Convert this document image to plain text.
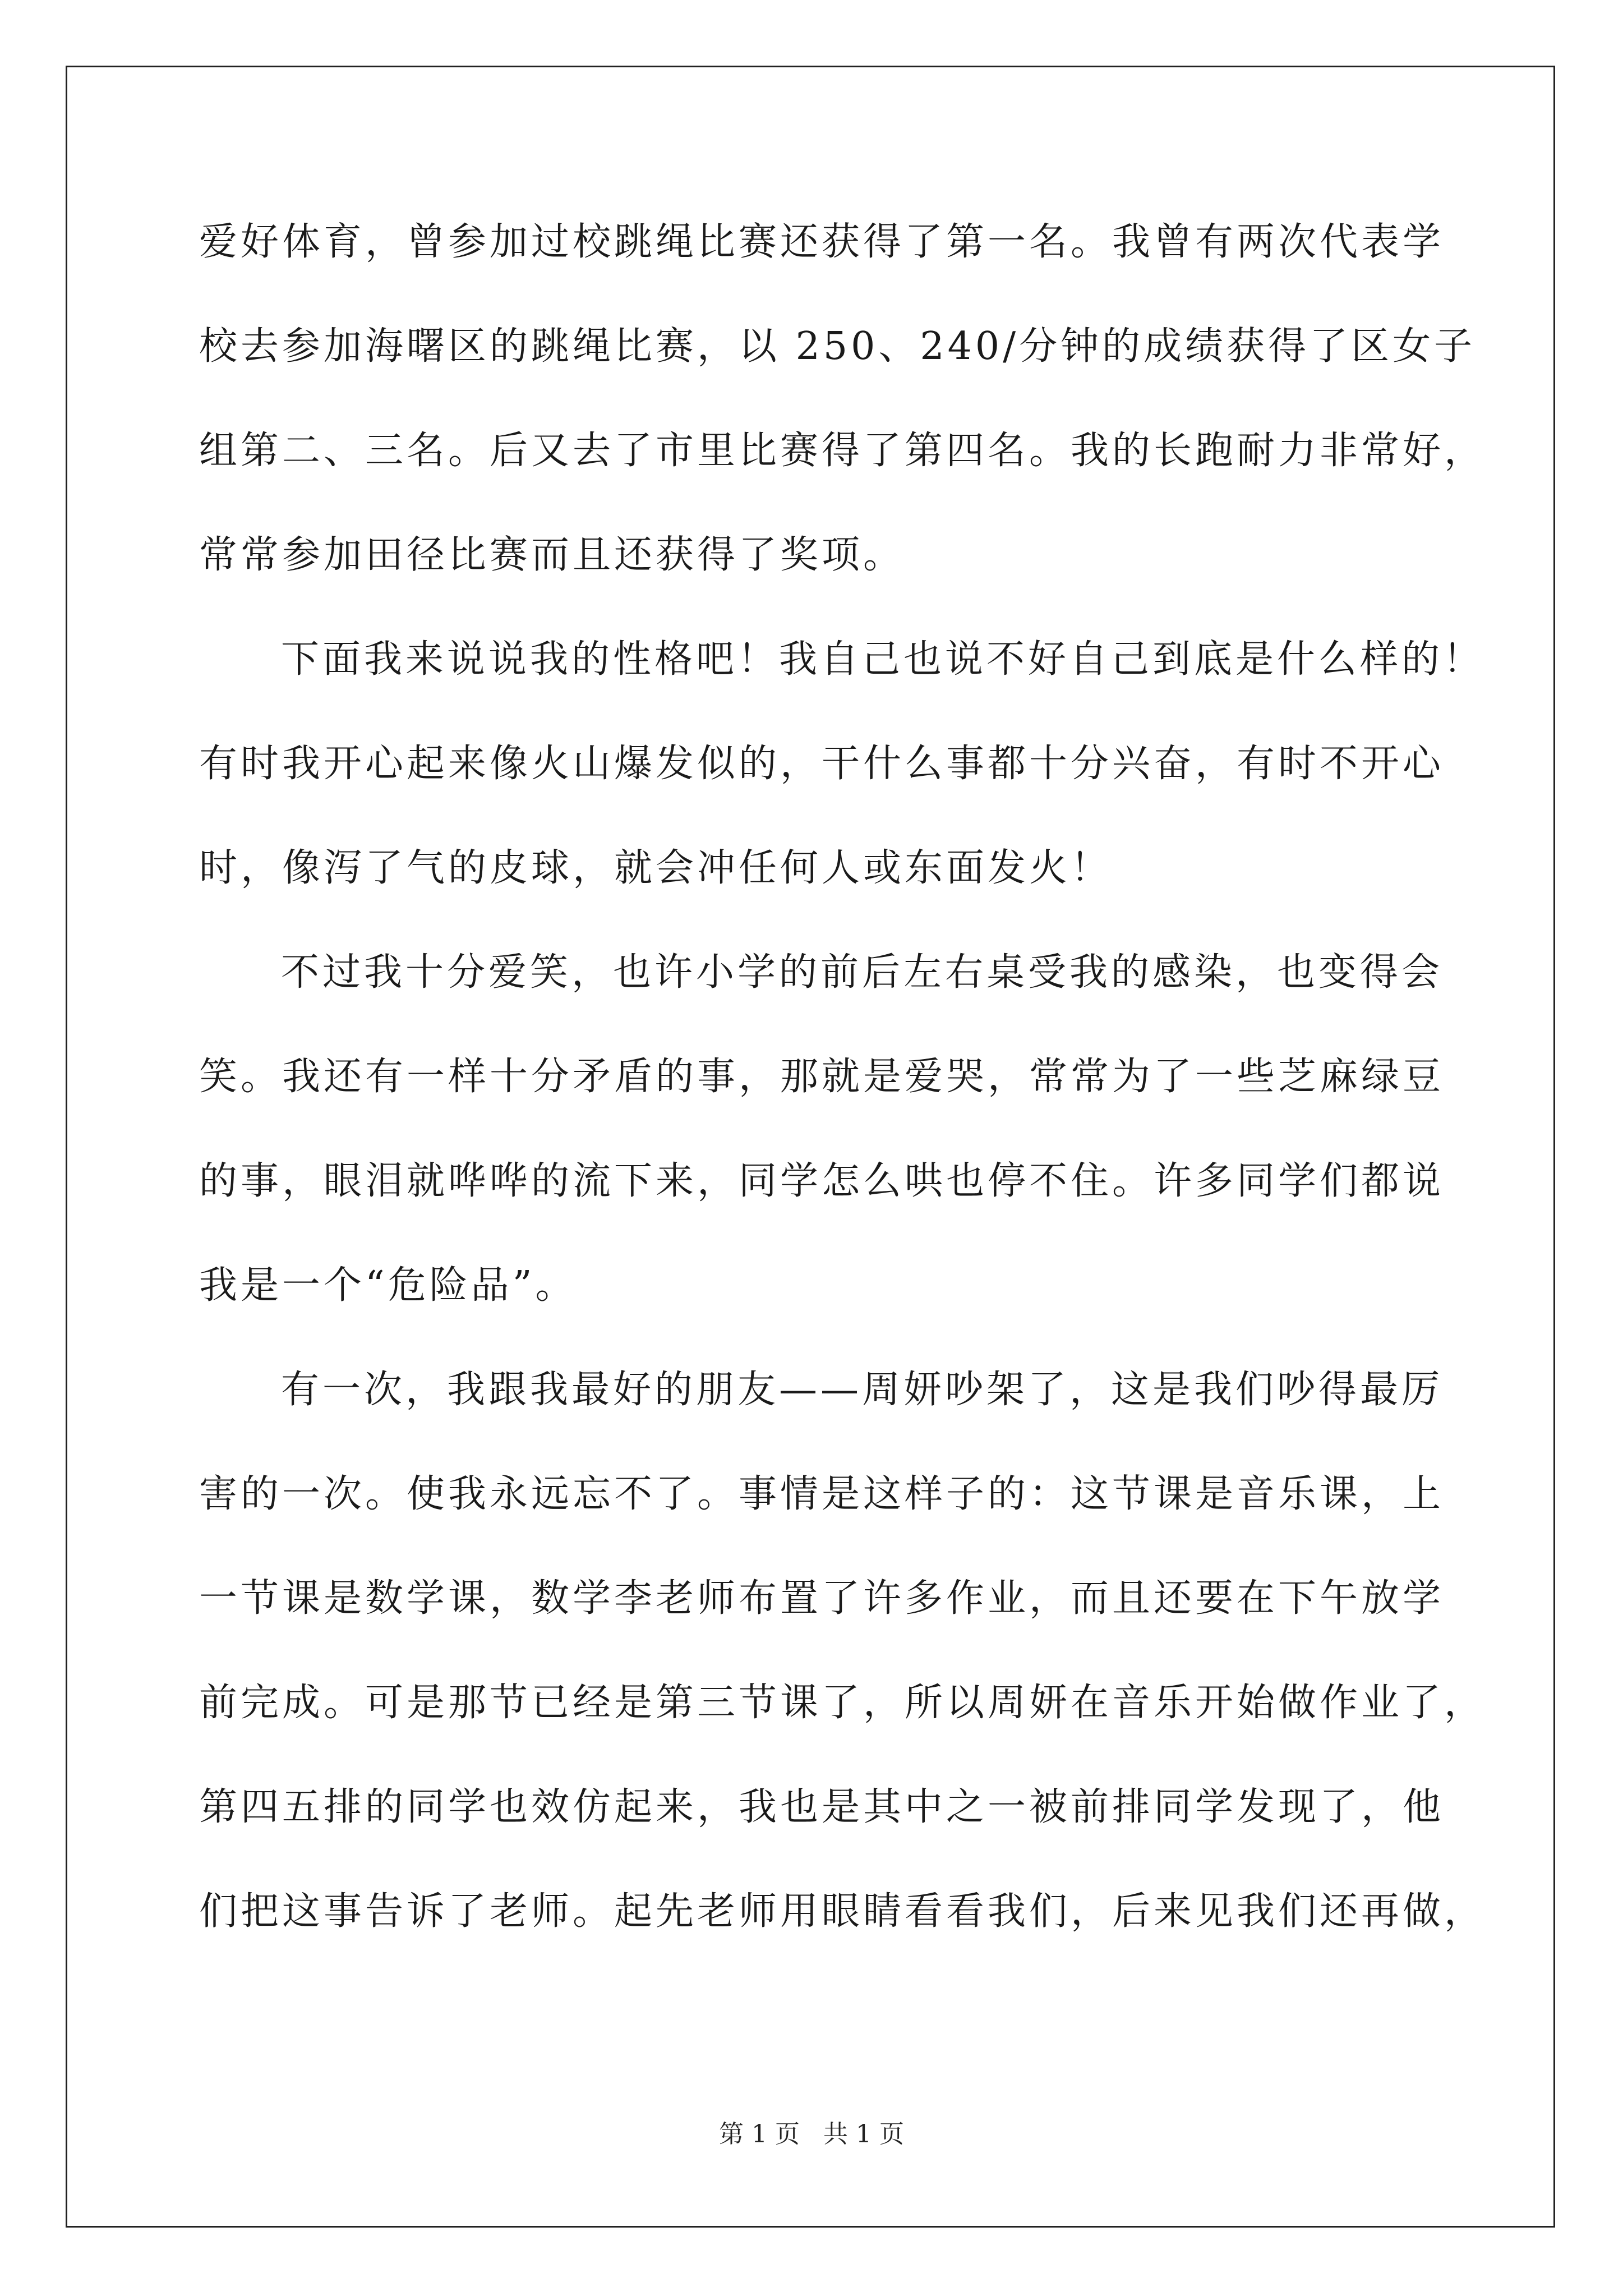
爱好体育，曾参加过校跳绳比赛还获得了第一名。我曾有两次代表学
校去参加海曙区的跳绳比赛，以 250、240/分钟的成绩获得了区女子
组第二、三名。后又去了市里比赛得了第四名。我的长跑耐力非常好，
常常参加田径比赛而且还获得了奖项。
下面我来说说我的性格吧！我自己也说不好自己到底是什么样的！
有时我开心起来像火山爆发似的，干什么事都十分兴奋，有时不开心
时，像泻了气的皮球，就会冲任何人或东面发火！
不过我十分爱笑，也许小学的前后左右桌受我的感染，也变得会
笑。我还有一样十分矛盾的事，那就是爱哭，常常为了一些芝麻绿豆
的事，眼泪就哗哗的流下来，同学怎么哄也停不住。许多同学们都说
我是一个“危险品”。
有一次，我跟我最好的朋友——周妍吵架了，这是我们吵得最厉
害的一次。使我永远忘不了。事情是这样子的：这节课是音乐课，上
一节课是数学课，数学李老师布置了许多作业，而且还要在下午放学
前完成。可是那节已经是第三节课了，所以周妍在音乐开始做作业了，
第四五排的同学也效仿起来，我也是其中之一被前排同学发现了，他
们把这事告诉了老师。起先老师用眼睛看看我们，后来见我们还再做，
第 1 页 共 1 页
